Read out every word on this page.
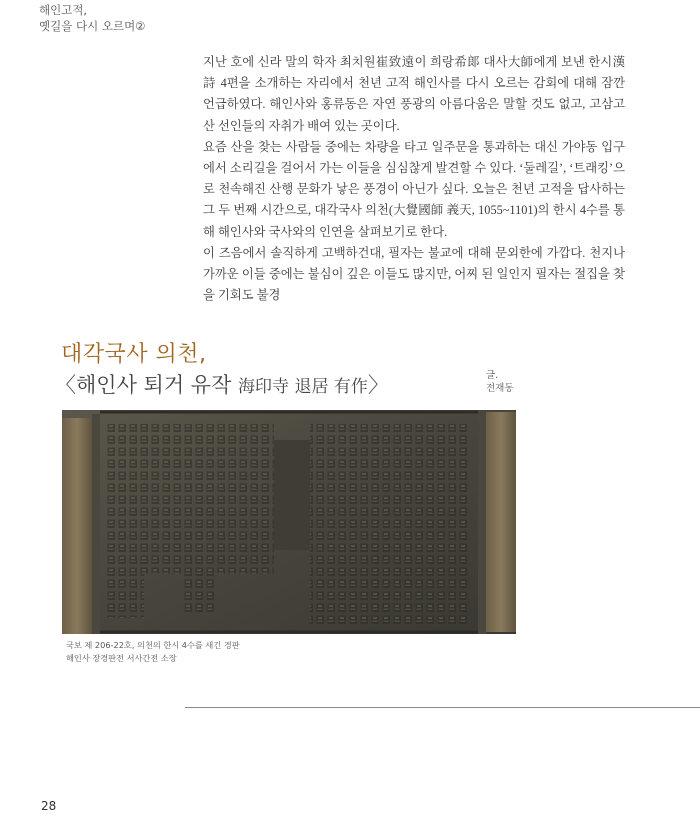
해인고적,
옛길을 다시 오르며②

지난 호에 신라 말의 학자 최치원崔致遠이 희랑希郞 대사大師에게 보낸 한시漢詩 4편을 소개하는 자리에서 천년 고적 해인사를 다시 오르는 감회에 대해 잠깐 언급하였다. 해인사와 홍류동은 자연 풍광의 아름다움은 말할 것도 없고, 고삼고산 선인들의 자취가 배여 있는 곳이다.

요즘 산을 찾는 사람들 중에는 차량을 타고 일주문을 통과하는 대신 가야동 입구에서 소리길을 걸어서 가는 이들을 심심찮게 발견할 수 있다. ‘둘레길’, ‘트래킹’으로 천속해진 산행 문화가 낳은 풍경이 아닌가 싶다. 오늘은 천년 고적을 답사하는 그 두 번째 시간으로, 대각국사 의천(大覺國師 義天, 1055~1101)의 한시 4수를 통해 해인사와 국사와의 인연을 살펴보기로 한다.

이 즈음에서 솔직하게 고백하건대, 필자는 불교에 대해 문외한에 가깝다. 천지나 가까운 이들 중에는 불심이 깊은 이들도 많지만, 어찌 된 일인지 필자는 절집을 찾을 기회도 불경

대각국사 의천,
〈해인사 퇴거 유작 海印寺 退居 有作〉	글.
전재동
국보 제 206-22호, 의천의 한시 4수를 새긴 경판
해인사 장경판전 서사간전 소장
28
